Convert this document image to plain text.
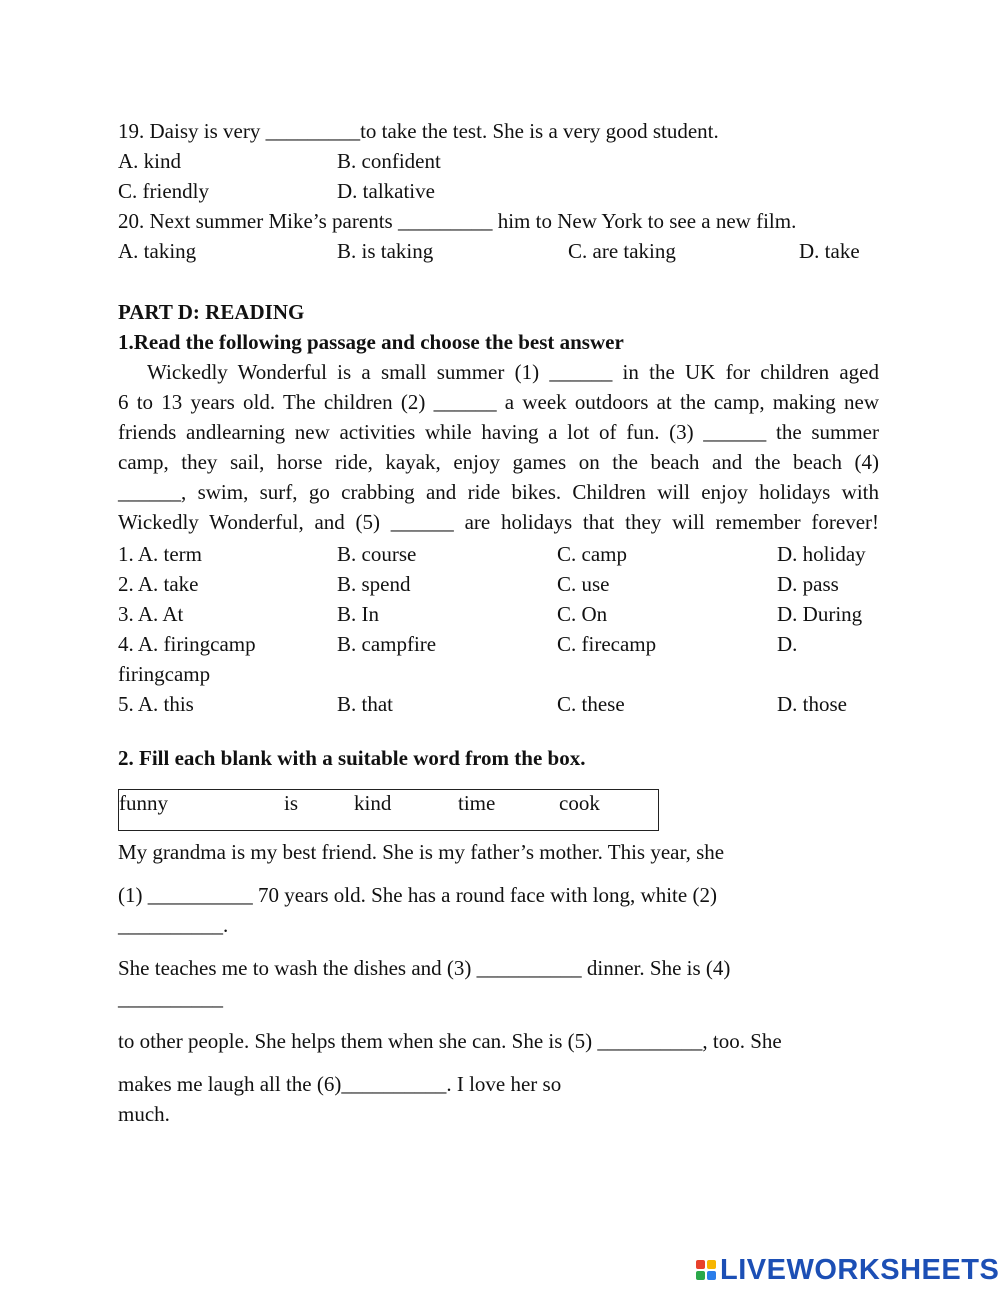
19. Daisy is very _________to take the test. She is a very good student.
A. kind	B. confident
C. friendly	D. talkative
20. Next summer Mike’s parents _________ him to New York to see a new film.
A. taking	B. is taking	C. are taking	D. take
PART D: READING
1.Read the following passage and choose the best answer
Wickedly Wonderful is a small summer (1) ______ in the UK for children aged
6 to 13 years old. The children (2) ______ a week outdoors at the camp, making new
friends andlearning new activities while having a lot of fun. (3) ______ the summer
camp, they sail, horse ride, kayak, enjoy games on the beach and the beach (4)
______, swim, surf, go crabbing and ride bikes. Children will enjoy holidays with
Wickedly Wonderful, and (5) ______ are holidays that they will remember forever!
1. A. term	B. course	C. camp	D. holiday
2. A. take	B. spend	C. use	D. pass
3. A. At	B. In	C. On	D. During
4. A. firingcamp	B. campfire	C. firecamp	D.
firingcamp
5. A. this	B. that	C. these	D. those
2. Fill each blank with a suitable word from the box.
funny	is	kind	time	cook
My grandma is my best friend. She is my father’s mother. This year, she
(1) __________ 70 years old. She has a round face with long, white (2)
__________.
She teaches me to wash the dishes and (3) __________ dinner. She is (4)
__________
to other people. She helps them when she can. She is (5) __________, too. She
makes me laugh all the (6)__________. I love her so
much.
LIVEWORKSHEETS
